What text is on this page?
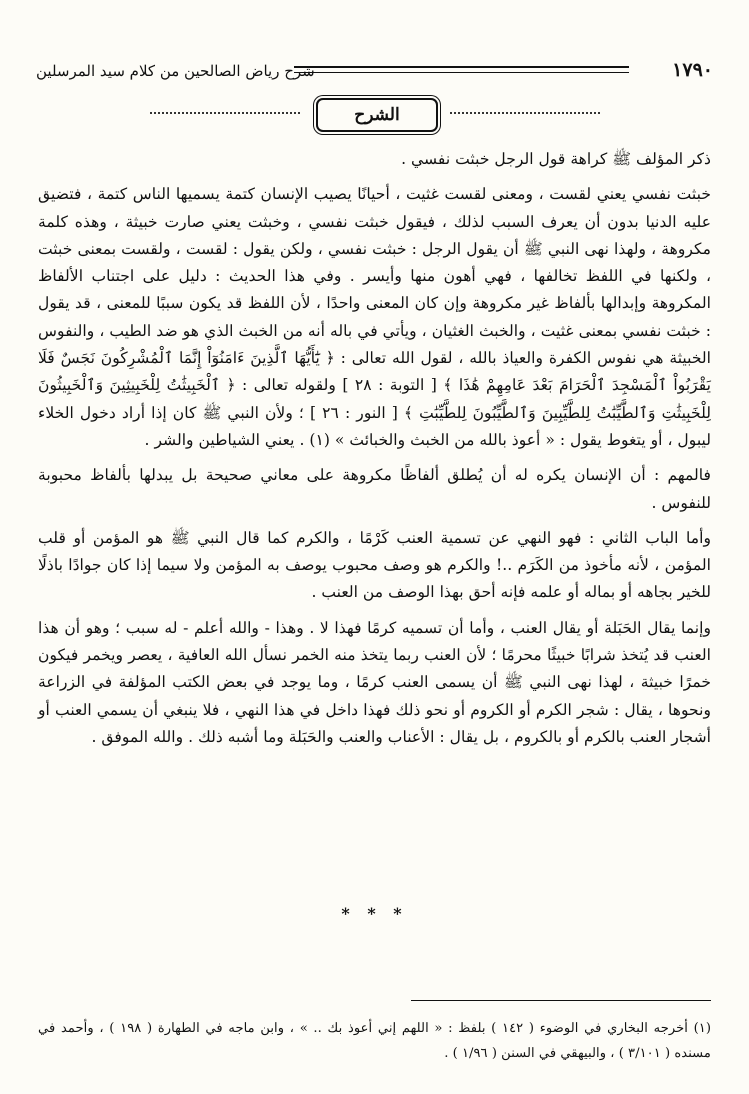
١٧٩٠
شرح رياض الصالحين من كلام سيد المرسلين
الشرح

ذكر المؤلف ﷺ كراهة قول الرجل خبثت نفسي .

خبثت نفسي يعني لقست ، ومعنى لقست غثيت ، أحيانًا يصيب الإنسان كتمة يسميها الناس كتمة ، فتضيق عليه الدنيا بدون أن يعرف السبب لذلك ، فيقول خبثت نفسي ، وخبثت يعني صارت خبيثة ، وهذه كلمة مكروهة ، ولهذا نهى النبي ﷺ أن يقول الرجل : خبثت نفسي ، ولكن يقول : لقست ، ولقست بمعنى خبثت ، ولكنها في اللفظ تخالفها ، فهي أهون منها وأيسر . وفي هذا الحديث : دليل على اجتناب الألفاظ المكروهة وإبدالها بألفاظ غير مكروهة وإن كان المعنى واحدًا ، لأن اللفظ قد يكون سببًا للمعنى ، قد يقول : خبثت نفسي بمعنى غثيت ، والخبث الغثيان ، ويأتي في باله أنه من الخبث الذي هو ضد الطيب ، والنفوس الخبيثة هي نفوس الكفرة والعياذ بالله ، لقول الله تعالى : ﴿ يَٰٓأَيُّهَا ٱلَّذِينَ ءَامَنُوٓاْ إِنَّمَا ٱلْمُشْرِكُونَ نَجَسٌ فَلَا يَقْرَبُواْ ٱلْمَسْجِدَ ٱلْحَرَامَ بَعْدَ عَامِهِمْ هَٰذَا ﴾ [ التوبة : ٢٨ ] ولقوله تعالى : ﴿ ٱلْخَبِيثَٰتُ لِلْخَبِيثِينَ وَٱلْخَبِيثُونَ لِلْخَبِيثَٰتِ وَٱلطَّيِّبَٰتُ لِلطَّيِّبِينَ وَٱلطَّيِّبُونَ لِلطَّيِّبَٰتِ ﴾ [ النور : ٢٦ ] ؛ ولأن النبي ﷺ كان إذا أراد دخول الخلاء ليبول ، أو يتغوط يقول : « أعوذ بالله من الخبث والخبائث » (١) . يعني الشياطين والشر .

فالمهم : أن الإنسان يكره له أن يُطلق ألفاظًا مكروهة على معاني صحيحة بل يبدلها بألفاظ محبوبة للنفوس .

وأما الباب الثاني : فهو النهي عن تسمية العنب كَرْمًا ، والكرم كما قال النبي ﷺ هو المؤمن أو قلب المؤمن ، لأنه مأخوذ من الكَرَم ..! والكرم هو وصف محبوب يوصف به المؤمن ولا سيما إذا كان جوادًا باذلًا للخير بجاهه أو بماله أو علمه فإنه أحق بهذا الوصف من العنب .

وإنما يقال الحَبَلة أو يقال العنب ، وأما أن تسميه كرمًا فهذا لا . وهذا - والله أعلم - له سبب ؛ وهو أن هذا العنب قد يُتخذ شرابًا خبيثًا محرمًا ؛ لأن العنب ربما يتخذ منه الخمر نسأل الله العافية ، يعصر ويخمر فيكون خمرًا خبيثة ، لهذا نهى النبي ﷺ أن يسمى العنب كرمًا ، وما يوجد في بعض الكتب المؤلفة في الزراعة ونحوها ، يقال : شجر الكرم أو الكروم أو نحو ذلك فهذا داخل في هذا النهي ، فلا ينبغي أن يسمي العنب أو أشجار العنب بالكرم أو بالكروم ، بل يقال : الأعناب والعنب والحَبَلة وما أشبه ذلك . والله الموفق .

* * *

(١) أخرجه البخاري في الوضوء ( ١٤٢ ) بلفظ : « اللهم إني أعوذ بك .. » ، وابن ماجه في الطهارة ( ١٩٨ ) ، وأحمد في مسنده ( ٣/١٠١ ) ، والبيهقي في السنن ( ١/٩٦ ) .
